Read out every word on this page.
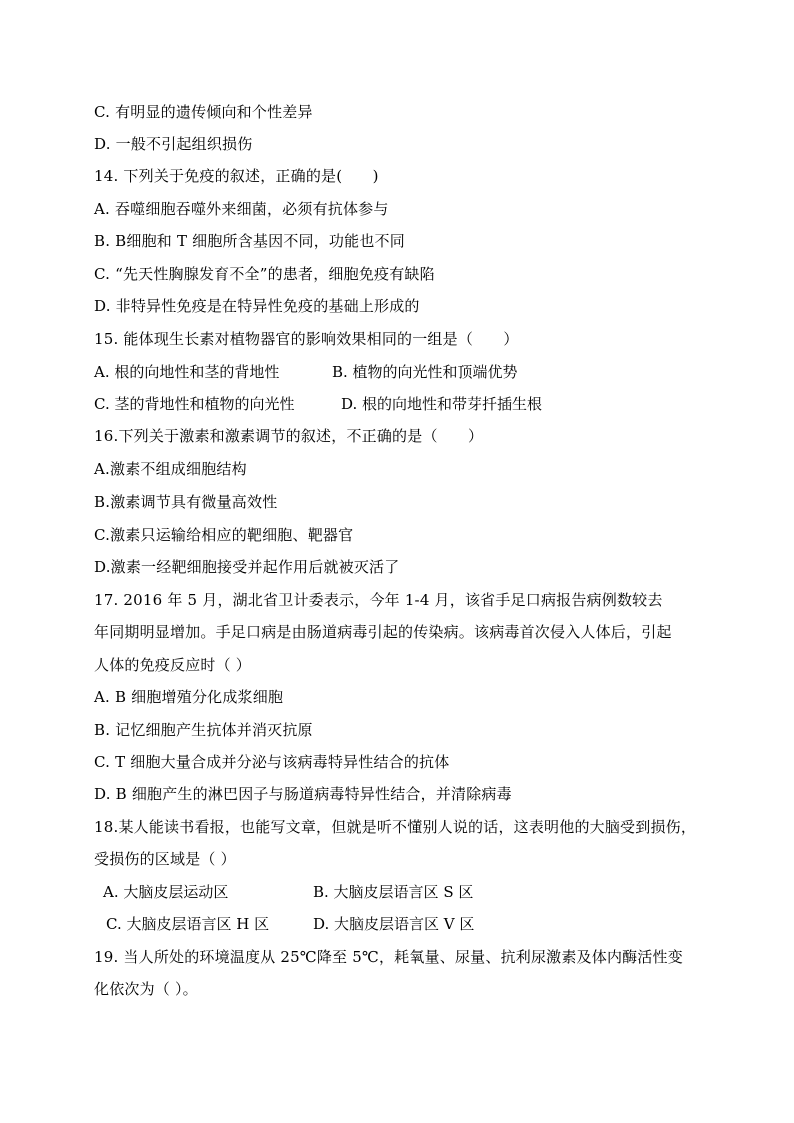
C. 有明显的遗传倾向和个性差异
D. 一般不引起组织损伤
14. 下列关于免疫的叙述，正确的是(　　)
A. 吞噬细胞吞噬外来细菌，必须有抗体参与
B. B细胞和 T 细胞所含基因不同，功能也不同
C. “先天性胸腺发育不全”的患者，细胞免疫有缺陷
D. 非特异性免疫是在特异性免疫的基础上形成的
15. 能体现生长素对植物器官的影响效果相同的一组是（　　）
A. 根的向地性和茎的背地性	B. 植物的向光性和顶端优势
C. 茎的背地性和植物的向光性	D. 根的向地性和带芽扦插生根
16.下列关于激素和激素调节的叙述，不正确的是（　　）
A.激素不组成细胞结构
B.激素调节具有微量高效性
C.激素只运输给相应的靶细胞、靶器官
D.激素一经靶细胞接受并起作用后就被灭活了
17. 2016 年 5 月，湖北省卫计委表示，今年 1-4 月，该省手足口病报告病例数较去
年同期明显增加。手足口病是由肠道病毒引起的传染病。该病毒首次侵入人体后，引起
人体的免疫反应时（ ）
A. B 细胞增殖分化成浆细胞
B. 记忆细胞产生抗体并消灭抗原
C. T 细胞大量合成并分泌与该病毒特异性结合的抗体
D. B 细胞产生的淋巴因子与肠道病毒特异性结合，并清除病毒
18.某人能读书看报，也能写文章，但就是听不懂别人说的话，这表明他的大脑受到损伤，
受损伤的区域是（ ）
A. 大脑皮层运动区	B. 大脑皮层语言区 S 区
C. 大脑皮层语言区 H 区	D. 大脑皮层语言区 V 区
19. 当人所处的环境温度从 25℃降至 5℃，耗氧量、尿量、抗利尿激素及体内酶活性变
化依次为（ ）。
